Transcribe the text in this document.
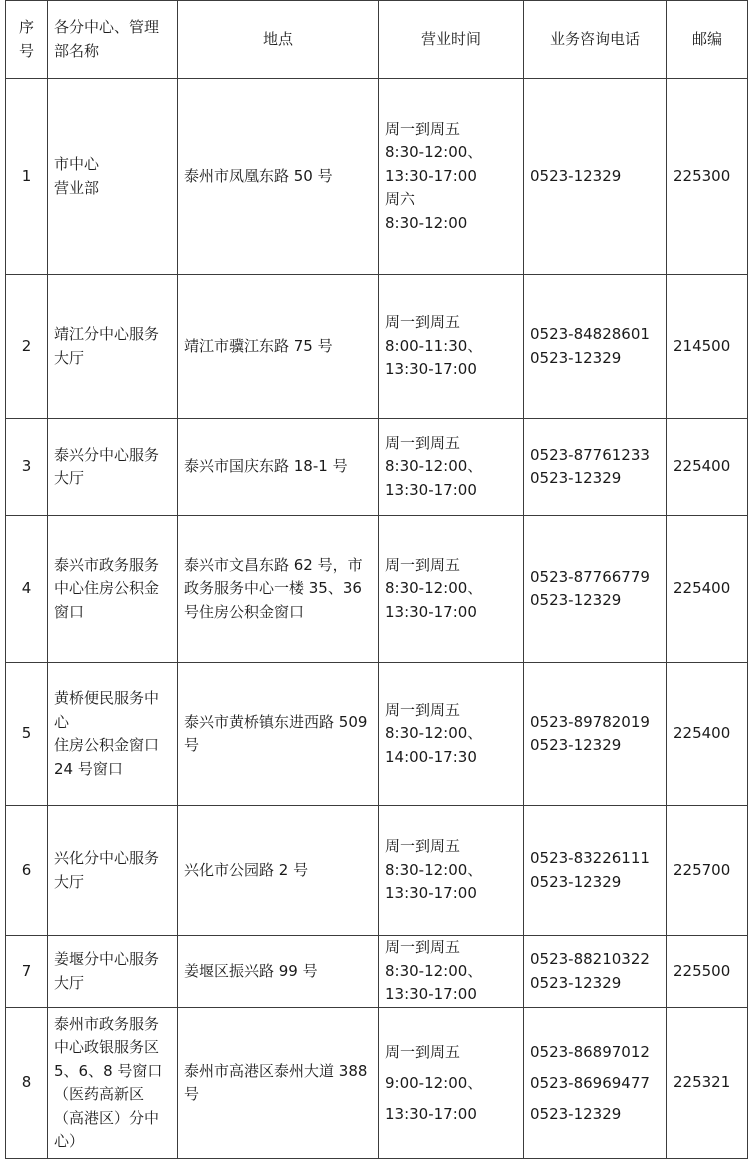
序号	各分中心、管理部名称	地点	营业时间	业务咨询电话	邮编
1	市中心
营业部	泰州市凤凰东路 50 号	周一到周五
8:30-12:00、
13:30-17:00
周六
8:30-12:00	0523-12329	225300
2	靖江分中心服务大厅	靖江市骥江东路 75 号	周一到周五
8:00-11:30、
13:30-17:00	0523-84828601
0523-12329	214500
3	泰兴分中心服务大厅	泰兴市国庆东路 18-1 号	周一到周五
8:30-12:00、
13:30-17:00	0523-87761233
0523-12329	225400
4	泰兴市政务服务中心住房公积金窗口	泰兴市文昌东路 62 号，市政务服务中心一楼 35、36 号住房公积金窗口	周一到周五
8:30-12:00、
13:30-17:00	0523-87766779
0523-12329	225400
5	黄桥便民服务中心
住房公积金窗口 24 号窗口	泰兴市黄桥镇东进西路 509 号	周一到周五
8:30-12:00、
14:00-17:30	0523-89782019
0523-12329	225400
6	兴化分中心服务大厅	兴化市公园路 2 号	周一到周五
8:30-12:00、
13:30-17:00	0523-83226111
0523-12329	225700
7	姜堰分中心服务大厅	姜堰区振兴路 99 号	周一到周五
8:30-12:00、
13:30-17:00	0523-88210322
0523-12329	225500
8	泰州市政务服务中心政银服务区 5、6、8 号窗口（医药高新区（高港区）分中心）	泰州市高港区泰州大道 388 号	周一到周五
9:00-12:00、
13:30-17:00	0523-86897012
0523-86969477
0523-12329	225321
